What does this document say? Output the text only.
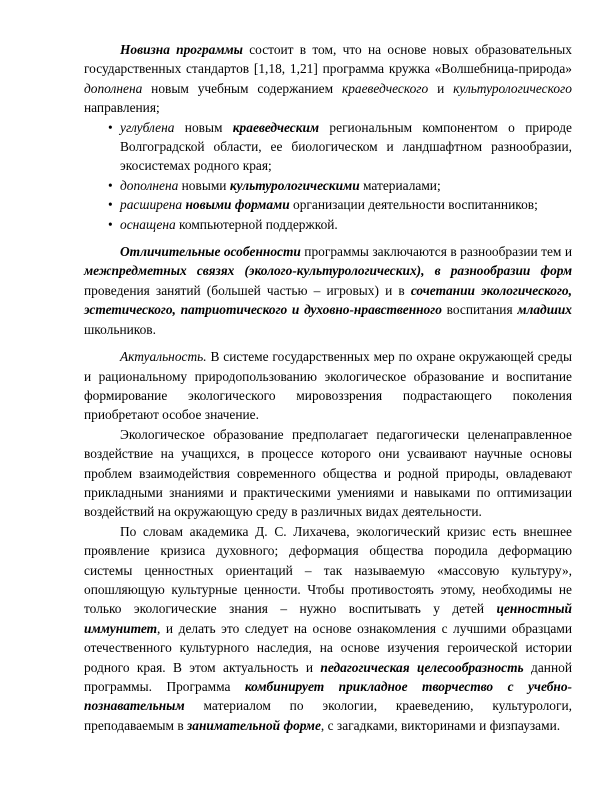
Новизна программы состоит в том, что на основе новых образовательных государственных стандартов [1,18, 1,21] программа кружка «Волшебница-природа» дополнена новым учебным содержанием краеведческого и культурологического направления;

• углублена новым краеведческим региональным компонентом о природе Волгоградской области, ее биологическом и ландшафтном разнообразии, экосистемах родного края;

• дополнена новыми культурологическими материалами;

• расширена новыми формами организации деятельности воспитанников;

• оснащена компьютерной поддержкой.

Отличительные особенности программы заключаются в разнообразии тем и межпредметных связях (эколого-культурологических), в разнообразии форм проведения занятий (большей частью – игровых) и в сочетании экологического, эстетического, патриотического и духовно-нравственного воспитания младших школьников.

Актуальность. В системе государственных мер по охране окружающей среды и рациональному природопользованию экологическое образование и воспитание формирование экологического мировоззрения подрастающего поколения приобретают особое значение.

Экологическое образование предполагает педагогически целенаправленное воздействие на учащихся, в процессе которого они усваивают научные основы проблем взаимодействия современного общества и родной природы, овладевают прикладными знаниями и практическими умениями и навыками по оптимизации воздействий на окружающую среду в различных видах деятельности.

По словам академика Д. С. Лихачева, экологический кризис есть внешнее проявление кризиса духовного; деформация общества породила деформацию системы ценностных ориентаций – так называемую «массовую культуру», опошляющую культурные ценности. Чтобы противостоять этому, необходимы не только экологические знания – нужно воспитывать у детей ценностный иммунитет, и делать это следует на основе ознакомления с лучшими образцами отечественного культурного наследия, на основе изучения героической истории родного края. В этом актуальность и педагогическая целесообразность данной программы. Программа комбинирует прикладное творчество с учебно-познавательным материалом по экологии, краеведению, культурологи, преподаваемым в занимательной форме, с загадками, викторинами и физпаузами.
